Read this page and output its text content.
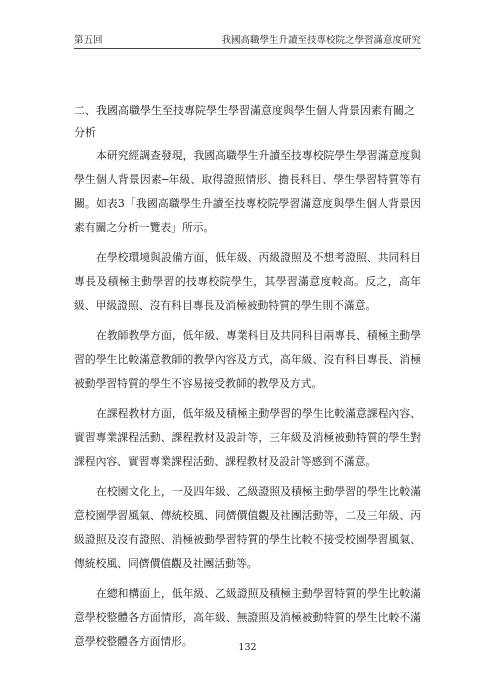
第五回	我國高職學生升讀至技專校院之學習滿意度研究
二、我國高職學生至技專院學生學習滿意度與學生個人背景因素有關之分析

本研究經調查發現，我國高職學生升讀至技專校院學生學習滿意度與學生個人背景因素─年級、取得證照情形、擔長科目、學生學習特質等有關。如表3「我國高職學生升讀至技專校院學習滿意度與學生個人背景因素有關之分析一覽表」所示。

在學校環境與設備方面，低年級、丙級證照及不想考證照、共同科目專長及積極主動學習的技專校院學生，其學習滿意度較高。反之，高年級、甲級證照、沒有科目專長及消極被動特質的學生則不滿意。

在教師教學方面，低年級、專業科目及共同科目兩專長、積極主動學習的學生比較滿意教師的教學內容及方式，高年級、沒有科目專長、消極被動學習特質的學生不容易接受教師的教學及方式。

在課程教材方面，低年級及積極主動學習的學生比較滿意課程內容、實習專業課程活動、課程教材及設計等，三年級及消極被動特質的學生對課程內容、實習專業課程活動、課程教材及設計等感到不滿意。

在校園文化上，一及四年級、乙級證照及積極主動學習的學生比較滿意校園學習風氣、傳統校風、同儕價值觀及社團活動等，二及三年級、丙級證照及沒有證照、消極被動學習特質的學生比較不接受校園學習風氣、傳統校風、同儕價值觀及社團活動等。

在總和構面上，低年級、乙級證照及積極主動學習特質的學生比較滿意學校整體各方面情形，高年級、無證照及消極被動特質的學生比較不滿意學校整體各方面情形。	132
